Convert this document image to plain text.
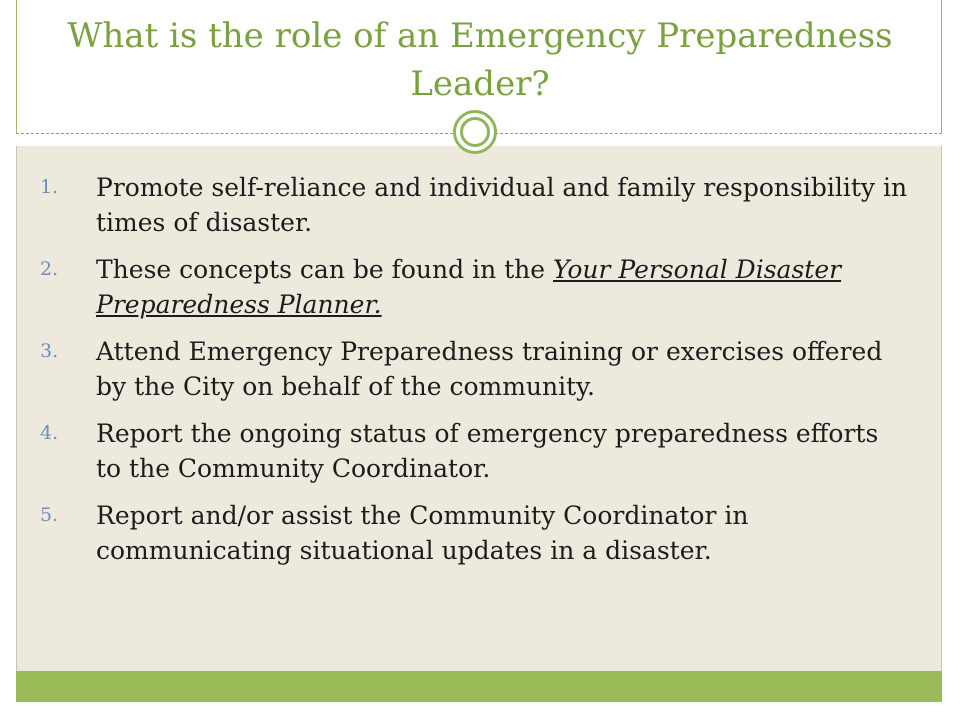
What is the role of an Emergency Preparedness Leader?
1.	Promote self-reliance and individual and family responsibility in times of disaster.
2.	These concepts can be found in the Your Personal Disaster Preparedness Planner.
3.	Attend Emergency Preparedness training or exercises offered by the City on behalf of the community.
4.	Report the ongoing status of emergency preparedness efforts to the Community Coordinator.
5.	Report and/or assist the Community Coordinator in communicating situational updates in a disaster.
